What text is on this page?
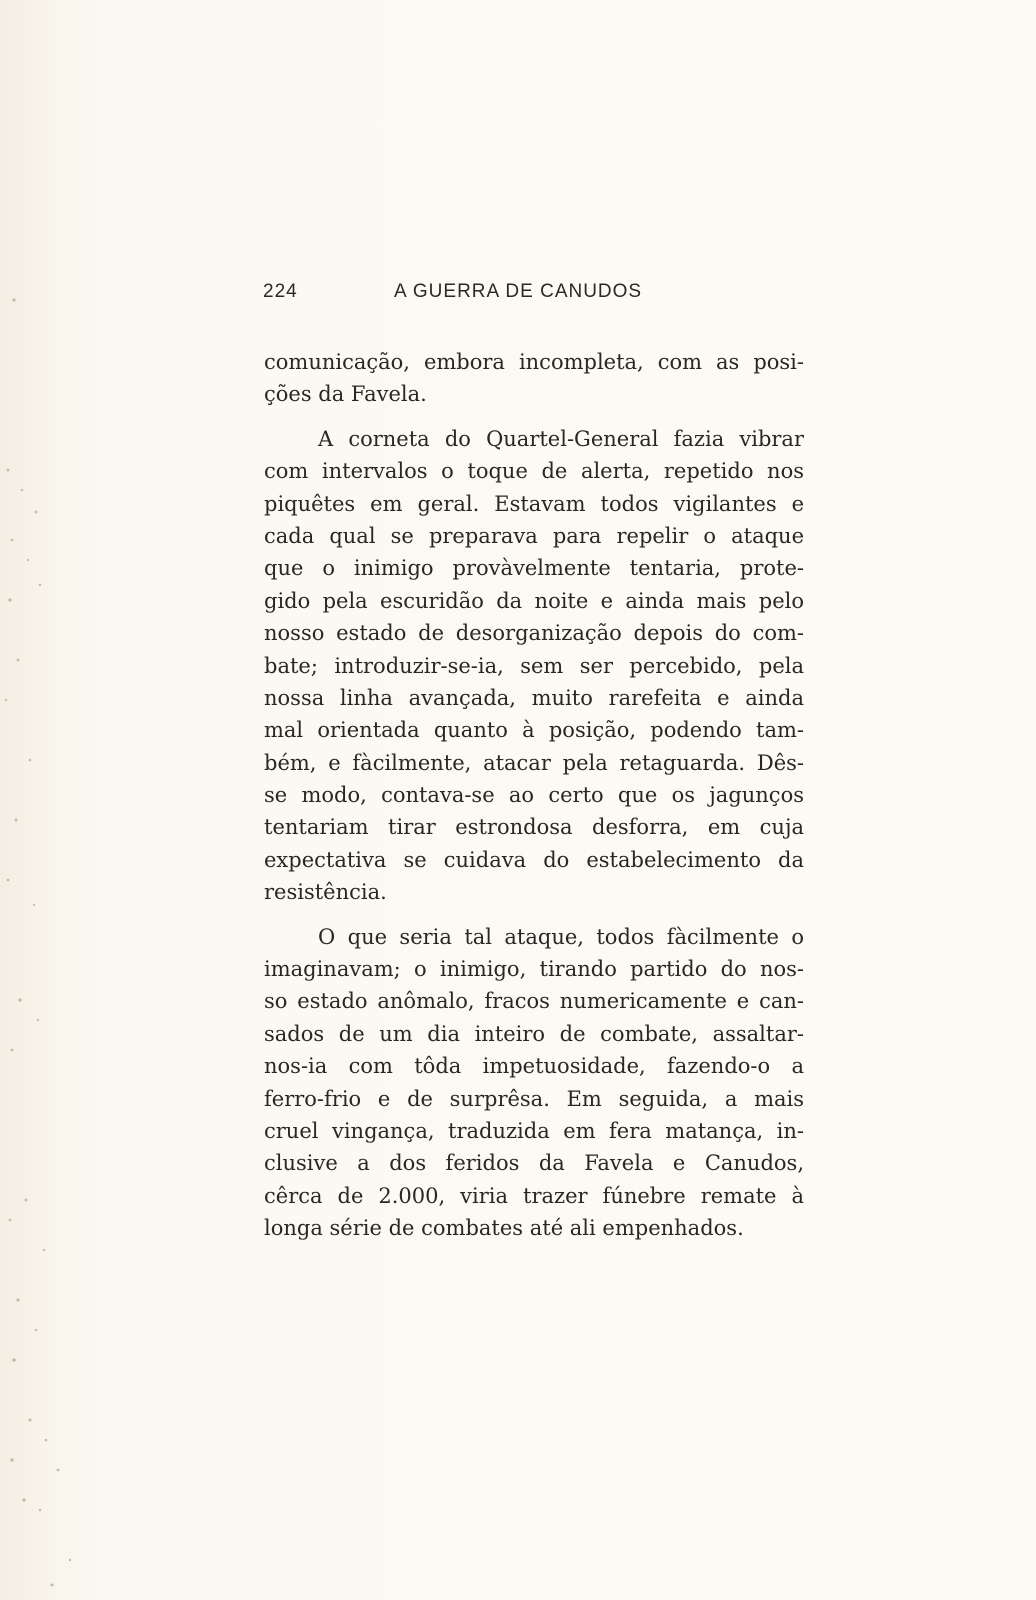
224	A GUERRA DE CANUDOS
comunicação, embora incompleta, com as posi-
ções da Favela.
A corneta do Quartel-General fazia vibrar
com intervalos o toque de alerta, repetido nos
piquêtes em geral. Estavam todos vigilantes e
cada qual se preparava para repelir o ataque
que o inimigo provàvelmente tentaria, prote-
gido pela escuridão da noite e ainda mais pelo
nosso estado de desorganização depois do com-
bate; introduzir-se-ia, sem ser percebido, pela
nossa linha avançada, muito rarefeita e ainda
mal orientada quanto à posição, podendo tam-
bém, e fàcilmente, atacar pela retaguarda. Dês-
se modo, contava-se ao certo que os jagunços
tentariam tirar estrondosa desforra, em cuja
expectativa se cuidava do estabelecimento da
resistência.
O que seria tal ataque, todos fàcilmente o
imaginavam; o inimigo, tirando partido do nos-
so estado anômalo, fracos numericamente e can-
sados de um dia inteiro de combate, assaltar-
nos-ia com tôda impetuosidade, fazendo-o a
ferro-frio e de surprêsa. Em seguida, a mais
cruel vingança, traduzida em fera matança, in-
clusive a dos feridos da Favela e Canudos,
cêrca de 2.000, viria trazer fúnebre remate à
longa série de combates até ali empenhados.
